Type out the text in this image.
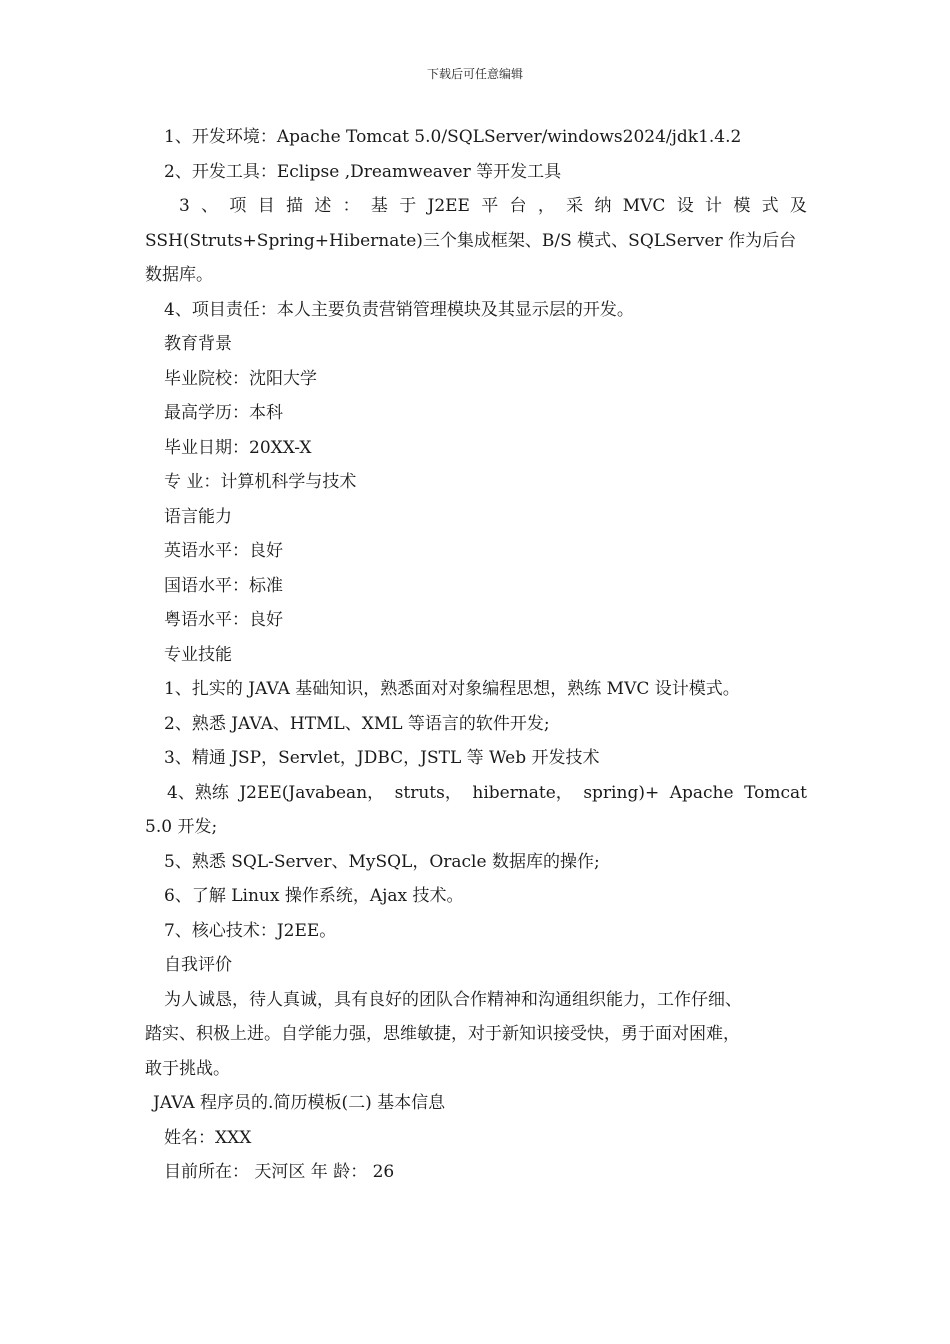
下载后可任意编辑
1、开发环境：Apache Tomcat 5.0/SQLServer/windows2024/jdk1.4.2
2、开发工具：Eclipse ,Dreamweaver 等开发工具
3 、 项 目 描 述 ： 基 于 J2EE 平 台 ， 采 纳 MVC 设 计 模 式 及
SSH(Struts+Spring+Hibernate)三个集成框架、B/S 模式、SQLServer 作为后台
数据库。
4、项目责任：本人主要负责营销管理模块及其显示层的开发。
教育背景
毕业院校：沈阳大学
最高学历：本科
毕业日期：20XX-X
专 业：计算机科学与技术
语言能力
英语水平：良好
国语水平：标准
粤语水平：良好
专业技能
1、扎实的 JAVA 基础知识，熟悉面对对象编程思想，熟练 MVC 设计模式。
2、熟悉 JAVA、HTML、XML 等语言的软件开发;
3、精通 JSP，Servlet，JDBC，JSTL 等 Web 开发技术
4、熟练 J2EE(Javabean， struts， hibernate， spring)+ Apache Tomcat
5.0 开发;
5、熟悉 SQL-Server、MySQL，Oracle 数据库的操作;
6、了解 Linux 操作系统，Ajax 技术。
7、核心技术：J2EE。
自我评价
为人诚恳，待人真诚，具有良好的团队合作精神和沟通组织能力，工作仔细、
踏实、积极上进。自学能力强，思维敏捷，对于新知识接受快，勇于面对困难，
敢于挑战。
JAVA 程序员的.简历模板(二) 基本信息
姓名：XXX
目前所在： 天河区 年 龄： 26
